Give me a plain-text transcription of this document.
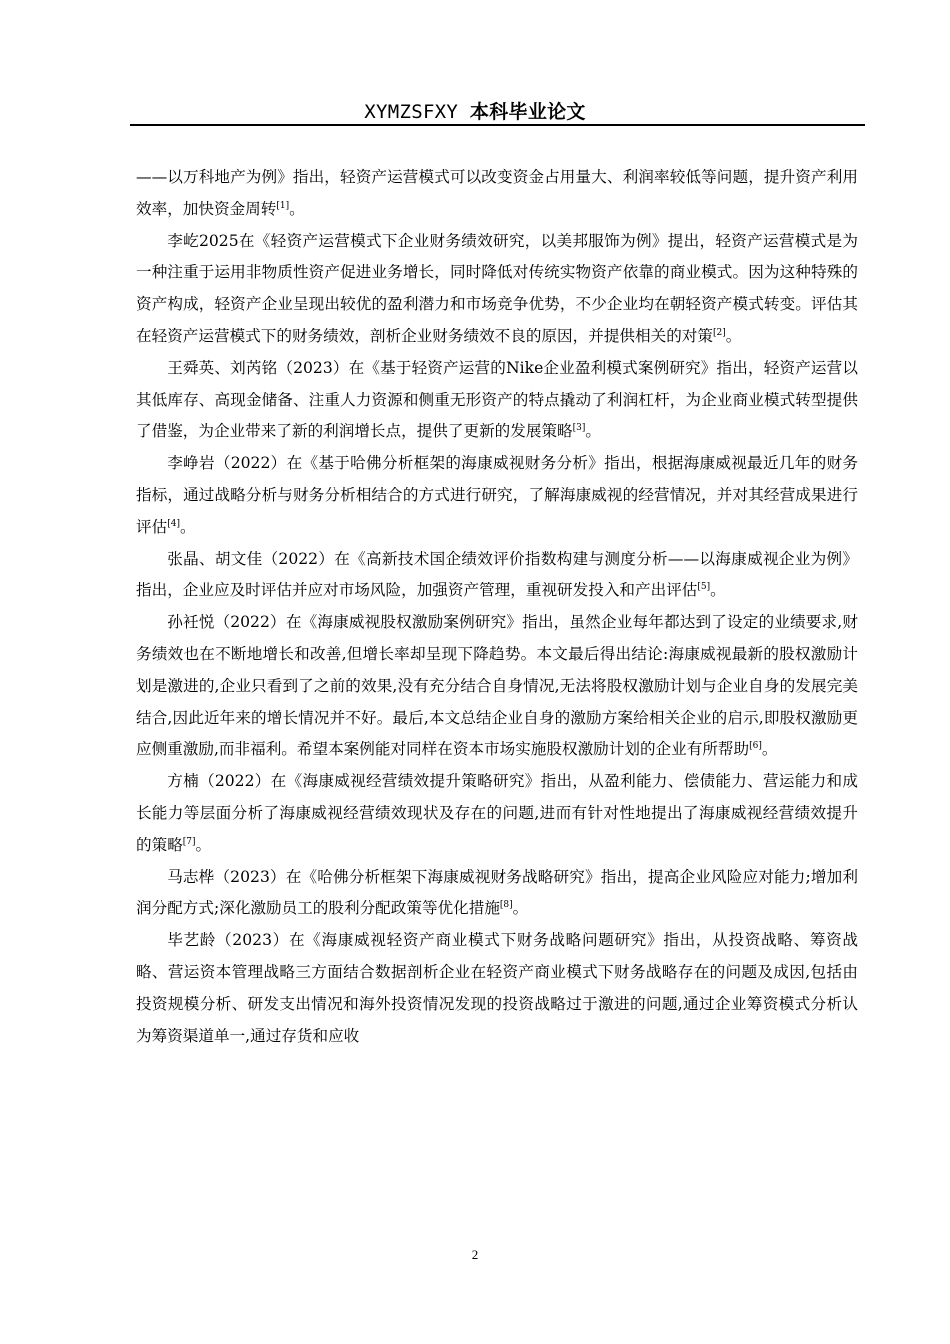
XYMZSFXY 本科毕业论文

——以万科地产为例》指出，轻资产运营模式可以改变资金占用量大、利润率较低等问题，提升资产利用效率，加快资金周转[1]。

李屹2025在《轻资产运营模式下企业财务绩效研究，以美邦服饰为例》提出，轻资产运营模式是为一种注重于运用非物质性资产促进业务增长，同时降低对传统实物资产依靠的商业模式。因为这种特殊的资产构成，轻资产企业呈现出较优的盈利潜力和市场竞争优势，不少企业均在朝轻资产模式转变。评估其在轻资产运营模式下的财务绩效，剖析企业财务绩效不良的原因，并提供相关的对策[2]。

王舜英、刘芮铭（2023）在《基于轻资产运营的Nike企业盈利模式案例研究》指出，轻资产运营以其低库存、高现金储备、注重人力资源和侧重无形资产的特点撬动了利润杠杆，为企业商业模式转型提供了借鉴，为企业带来了新的利润增长点，提供了更新的发展策略[3]。

李峥岩（2022）在《基于哈佛分析框架的海康威视财务分析》指出，根据海康威视最近几年的财务指标，通过战略分析与财务分析相结合的方式进行研究，了解海康威视的经营情况，并对其经营成果进行评估[4]。

张晶、胡文佳（2022）在《高新技术国企绩效评价指数构建与测度分析——以海康威视企业为例》指出，企业应及时评估并应对市场风险，加强资产管理，重视研发投入和产出评估[5]。

孙衽悦（2022）在《海康威视股权激励案例研究》指出，虽然企业每年都达到了设定的业绩要求,财务绩效也在不断地增长和改善,但增长率却呈现下降趋势。本文最后得出结论:海康威视最新的股权激励计划是激进的,企业只看到了之前的效果,没有充分结合自身情况,无法将股权激励计划与企业自身的发展完美结合,因此近年来的增长情况并不好。最后,本文总结企业自身的激励方案给相关企业的启示,即股权激励更应侧重激励,而非福利。希望本案例能对同样在资本市场实施股权激励计划的企业有所帮助[6]。

方楠（2022）在《海康威视经营绩效提升策略研究》指出，从盈利能力、偿债能力、营运能力和成长能力等层面分析了海康威视经营绩效现状及存在的问题,进而有针对性地提出了海康威视经营绩效提升的策略[7]。

马志桦（2023）在《哈佛分析框架下海康威视财务战略研究》指出，提高企业风险应对能力;增加利润分配方式;深化激励员工的股利分配政策等优化措施[8]。

毕艺龄（2023）在《海康威视轻资产商业模式下财务战略问题研究》指出，从投资战略、筹资战略、营运资本管理战略三方面结合数据剖析企业在轻资产商业模式下财务战略存在的问题及成因,包括由投资规模分析、研发支出情况和海外投资情况发现的投资战略过于激进的问题,通过企业筹资模式分析认为筹资渠道单一,通过存货和应收

2
